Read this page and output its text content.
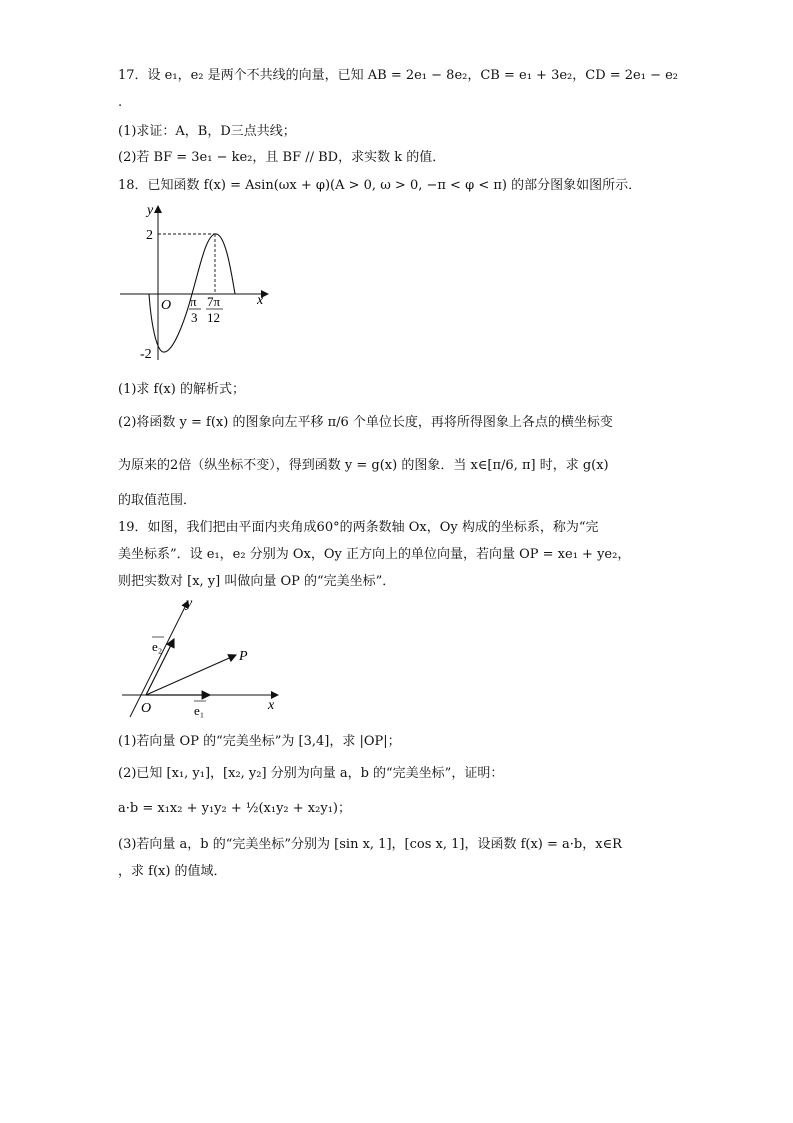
17．设 e₁，e₂ 是两个不共线的向量，已知 AB = 2e₁ − 8e₂，CB = e₁ + 3e₂，CD = 2e₁ − e₂
.
(1)求证：A，B，D三点共线；
(2)若 BF = 3e₁ − ke₂，且 BF // BD，求实数 k 的值．
18．已知函数 f(x) = Asin(ωx + φ)(A > 0, ω > 0, −π < φ < π) 的部分图象如图所示．
y
x
O
2
-2
π
3
7π
12
(1)求 f(x) 的解析式；
(2)将函数 y = f(x) 的图象向左平移 π/6 个单位长度，再将所得图象上各点的横坐标变
为原来的2倍（纵坐标不变），得到函数 y = g(x) 的图象．当 x∈[π/6, π] 时，求 g(x)
的取值范围．
19．如图，我们把由平面内夹角成60°的两条数轴 Ox，Oy 构成的坐标系，称为“完
美坐标系”．设 e₁，e₂ 分别为 Ox，Oy 正方向上的单位向量，若向量 OP = xe₁ + ye₂，
则把实数对 [x, y] 叫做向量 OP 的“完美坐标”．
y
x
O
P
e₁
e₂
(1)若向量 OP 的“完美坐标”为 [3,4]，求 |OP|；
(2)已知 [x₁, y₁]，[x₂, y₂] 分别为向量 a，b 的“完美坐标”，证明：
a·b = x₁x₂ + y₁y₂ + ½(x₁y₂ + x₂y₁)；
(3)若向量 a，b 的“完美坐标”分别为 [sin x, 1]，[cos x, 1]，设函数 f(x) = a·b，x∈R
，求 f(x) 的值域．
